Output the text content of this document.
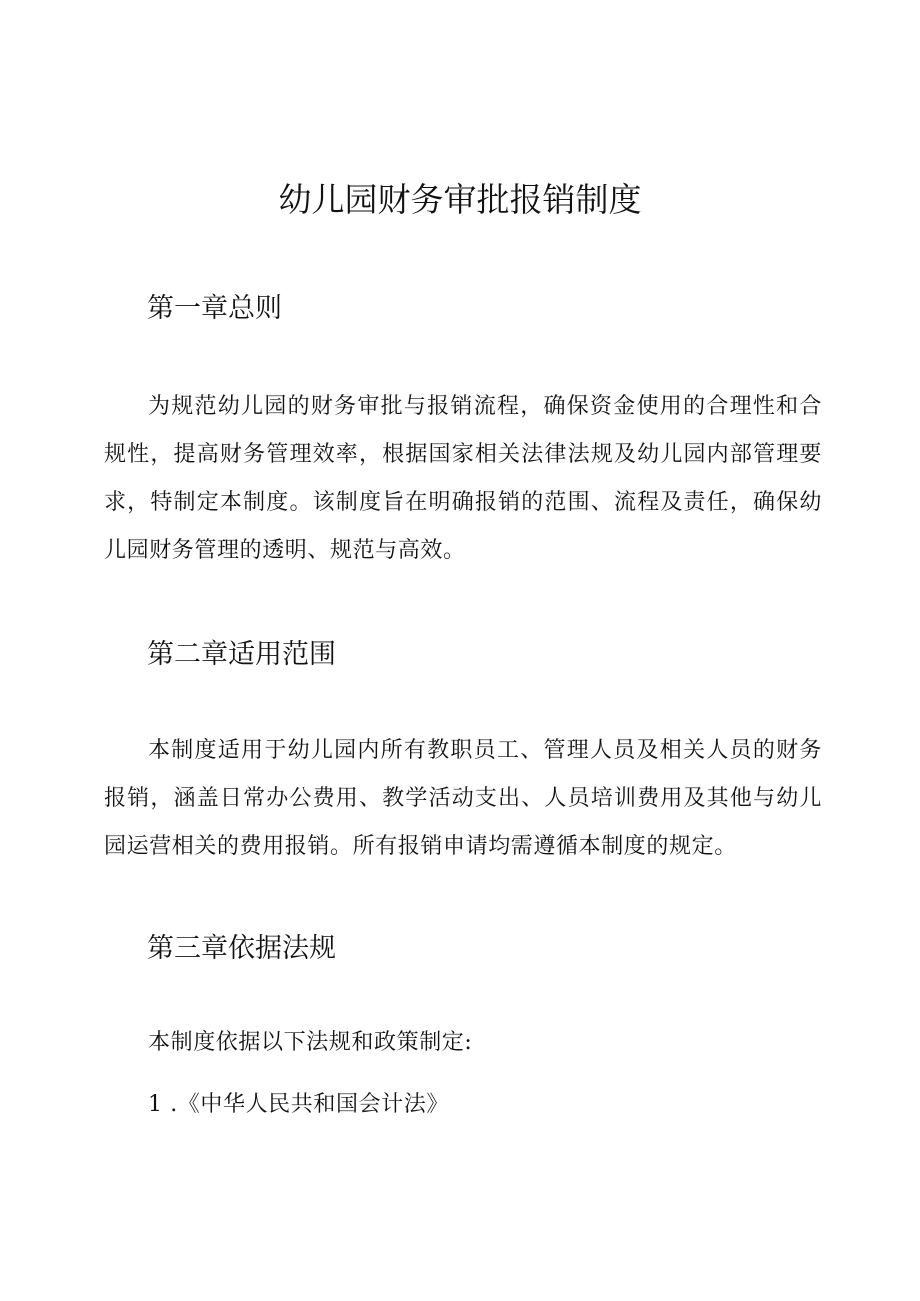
幼儿园财务审批报销制度
第一章总则

为规范幼儿园的财务审批与报销流程，确保资金使用的合理性和合规性，提高财务管理效率，根据国家相关法律法规及幼儿园内部管理要求，特制定本制度。该制度旨在明确报销的范围、流程及责任，确保幼儿园财务管理的透明、规范与高效。

第二章适用范围

本制度适用于幼儿园内所有教职员工、管理人员及相关人员的财务报销，涵盖日常办公费用、教学活动支出、人员培训费用及其他与幼儿园运营相关的费用报销。所有报销申请均需遵循本制度的规定。

第三章依据法规

本制度依据以下法规和政策制定:

1 .《中华人民共和国会计法》
